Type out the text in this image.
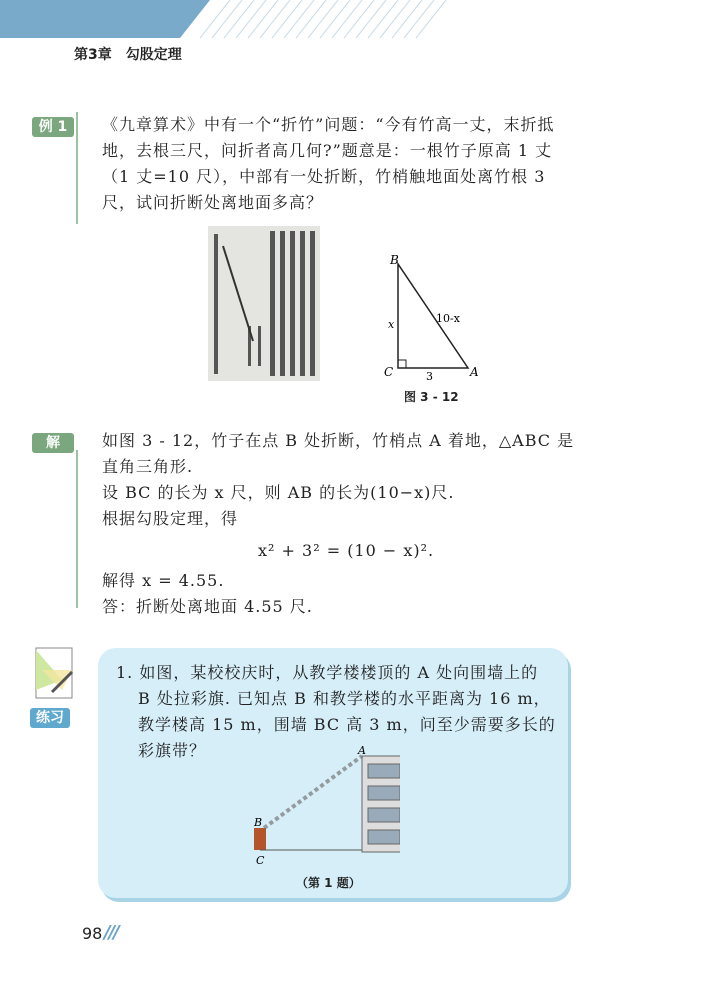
第3章　勾股定理
例 1	《九章算术》中有一个“折竹”问题：“今有竹高一丈，末折抵地，去根三尺，问折者高几何?”题意是：一根竹子原高 1 丈（1 丈=10 尺），中部有一处折断，竹梢触地面处离竹根 3 尺，试问折断处离地面多高？
B
C	A
x	10-x
3
图 3 - 12
解	如图 3 - 12，竹子在点 B 处折断，竹梢点 A 着地，△ABC 是直角三角形.
设 BC 的长为 x 尺，则 AB 的长为(10−x)尺.
根据勾股定理，得
x² + 3² = (10 − x)².
解得 x = 4.55.
答：折断处离地面 4.55 尺.
练习
1. 如图，某校校庆时，从教学楼楼顶的 A 处向围墙上的 B 处拉彩旗. 已知点 B 和教学楼的水平距离为 16 m，教学楼高 15 m，围墙 BC 高 3 m，问至少需要多长的彩旗带？	A
B
C
（第 1 题）
98 ///
